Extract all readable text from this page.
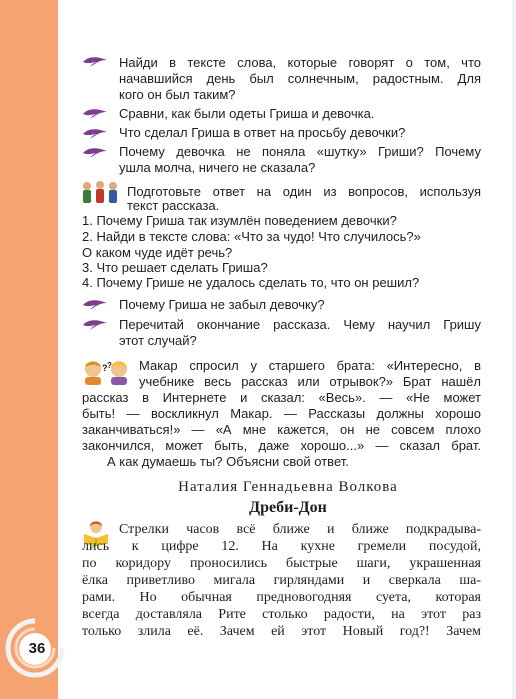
36
Найди в тексте слова, которые говорят о том, что
начавшийся день был солнечным, радостным. Для
кого он был таким?
Сравни, как были одеты Гриша и девочка.
Что сделал Гриша в ответ на просьбу девочки?
Почему девочка не поняла «шутку» Гриши? Почему
ушла молча, ничего не сказала?
Подготовьте ответ на один из вопросов, используя
текст рассказа.
1. Почему Гриша так изумлён поведением девочки?
2. Найди в тексте слова: «Что за чудо! Что случилось?»
О каком чуде идёт речь?
3. Что решает сделать Гриша?
4. Почему Грише не удалось сделать то, что он решил?
Почему Гриша не забыл девочку?
Перечитай окончание рассказа. Чему научил Гришу
этот случай?
? ? Макар спросил у старшего брата: «Интересно, в
учебнике весь рассказ или отрывок?» Брат нашёл
рассказ в Интернете и сказал: «Весь». — «Не может
быть! — воскликнул Макар. — Рассказы должны хорошо
заканчиваться!» — «А мне кажется, он не совсем плохо
закончился, может быть, даже хорошо...» — сказал брат.
А как думаешь ты? Объясни свой ответ.
Наталия Геннадьевна Волкова
Дреби-Дон
Стрелки часов всё ближе и ближе подкрадыва-
лись к цифре 12. На кухне гремели посудой,
по коридору проносились быстрые шаги, украшенная
ёлка приветливо мигала гирляндами и сверкала ша-
рами. Но обычная предновогодняя суета, которая
всегда доставляла Рите столько радости, на этот раз
только злила её. Зачем ей этот Новый год?! Зачем
